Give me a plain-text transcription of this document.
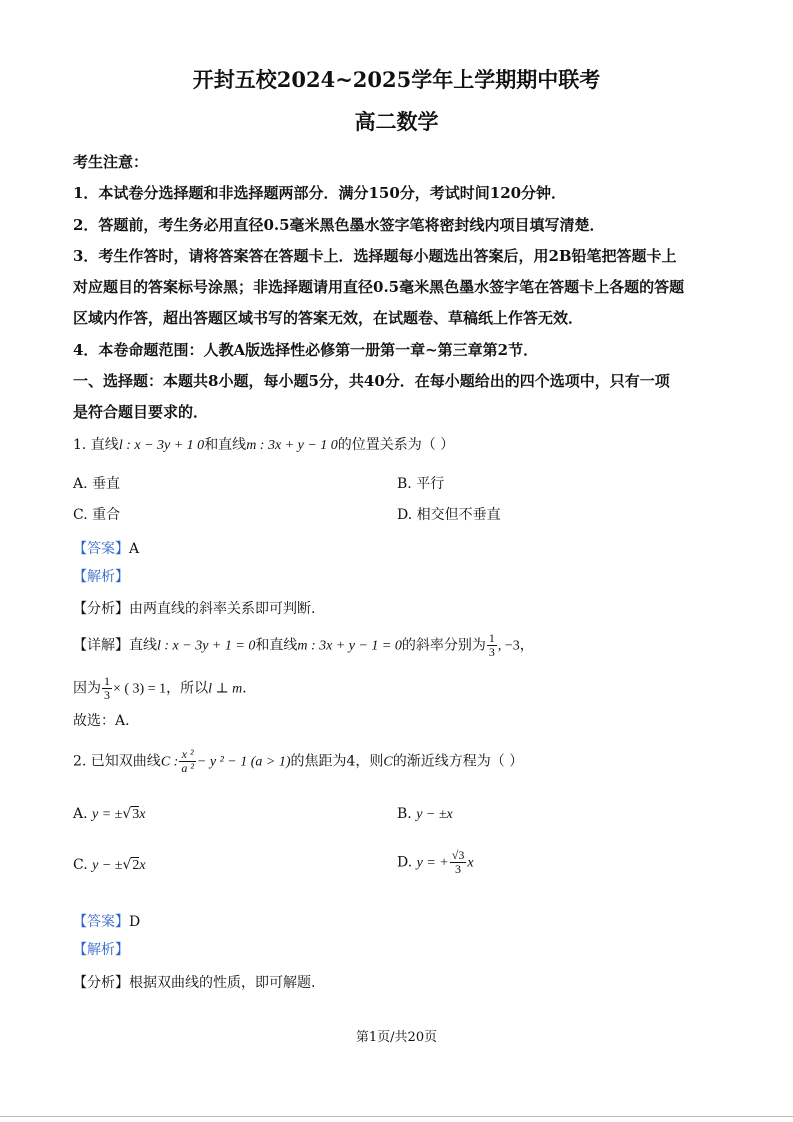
开封五校2024~2025学年上学期期中联考
高二数学
考生注意：
1．本试卷分选择题和非选择题两部分．满分150分，考试时间120分钟．
2．答题前，考生务必用直径0.5毫米黑色墨水签字笔将密封线内项目填写清楚．
3．考生作答时，请将答案答在答题卡上．选择题每小题选出答案后，用2B铅笔把答题卡上
对应题目的答案标号涂黑；非选择题请用直径0.5毫米黑色墨水签字笔在答题卡上各题的答题
区域内作答，超出答题区域书写的答案无效，在试题卷、草稿纸上作答无效．
4．本卷命题范围：人教A版选择性必修第一册第一章~第三章第2节．
一、选择题：本题共8小题，每小题5分，共40分．在每小题给出的四个选项中，只有一项
是符合题目要求的．
1. 直线l : x − 3y + 1 0和直线m : 3x + y − 1 0的位置关系为（ ）
A. 垂直	B. 平行
C. 重合	D. 相交但不垂直
【答案】A
【解析】
【分析】由两直线的斜率关系即可判断.
【详解】直线l : x − 3y + 1 = 0和直线m : 3x + y − 1 = 0的斜率分别为 $\frac{1}{3}$ , −3，
因为 $\frac{1}{3}$ × ( 3) = 1，所以l ⊥ m．
故选：A.
2. 已知双曲线C : $\frac{\text{x ²}}{\text{a ²}} - y$ ² − 1 (a > 1)的焦距为4，则C的渐近线方程为（ ）
A. y = ±√3x	B. y − ±x
C. y − ±√2x	D. y = + $\frac{√3}{3}$ x
【答案】D
【解析】
【分析】根据双曲线的性质，即可解题.
第1页/共20页
